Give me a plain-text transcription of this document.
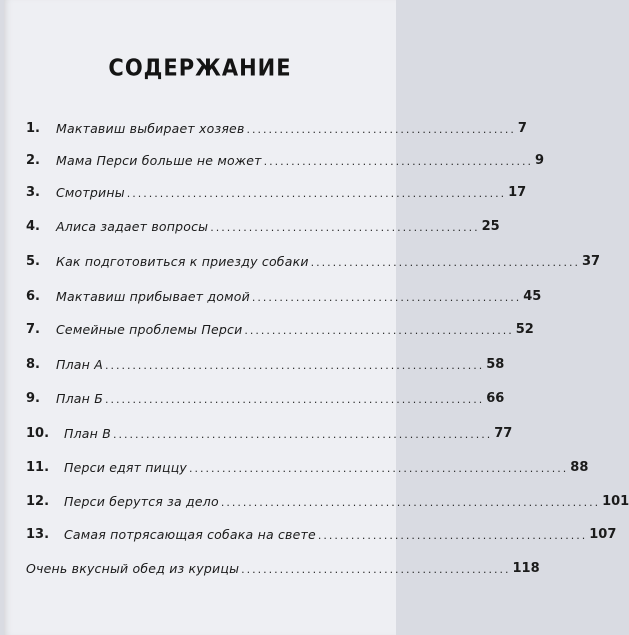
СОДЕРЖАНИЕ
1.	Мактавиш выбирает хозяев ................................................. 7
2.	Мама Перси больше не может ................................................. 9
3.	Смотрины ..................................................................... 17
4.	Алиса задает вопросы ................................................. 25
5.	Как подготовиться к приезду собаки ................................................. 37
6.	Мактавиш прибывает домой ................................................. 45
7.	Семейные проблемы Перси ................................................. 52
8.	План А ..................................................................... 58
9.	План Б ..................................................................... 66
10.	План В ..................................................................... 77
11.	Перси едят пиццу ..................................................................... 88
12.	Перси берутся за дело ..................................................................... 101
13.	Самая потрясающая собака на свете ................................................. 107
Очень вкусный обед из курицы ................................................. 118
